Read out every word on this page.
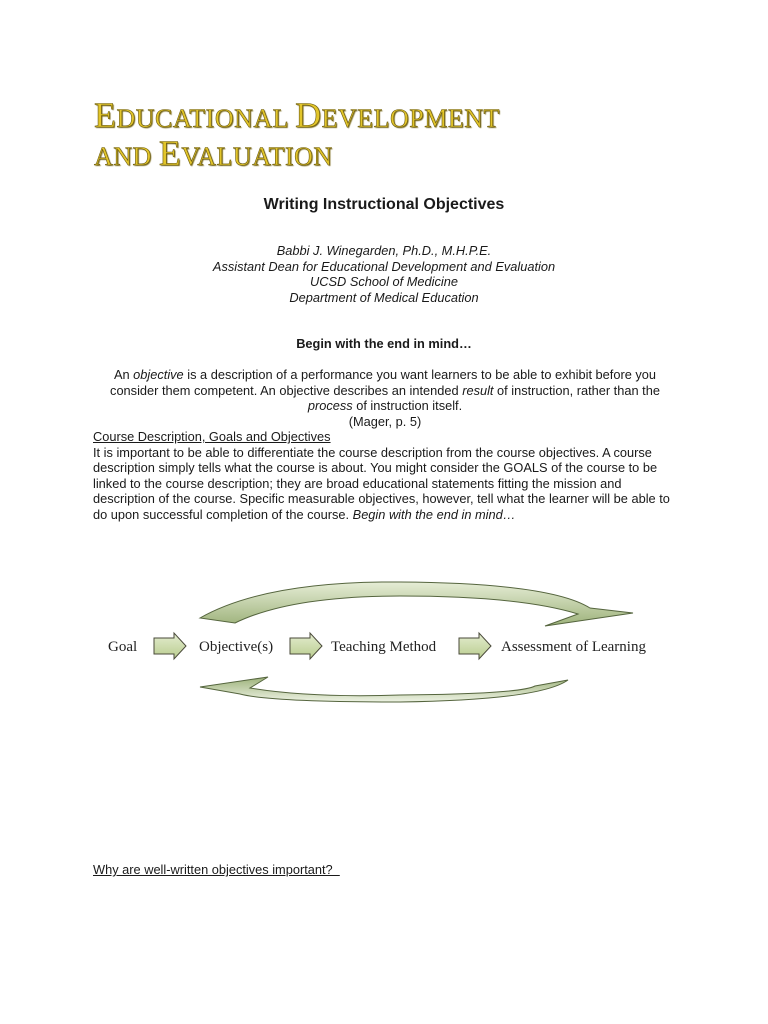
EDUCATIONAL DEVELOPMENT
AND EVALUATION
Writing Instructional Objectives
Babbi J. Winegarden, Ph.D., M.H.P.E.
Assistant Dean for Educational Development and Evaluation
UCSD School of Medicine
Department of Medical Education
Begin with the end in mind…
An objective is a description of a performance you want learners to be able to exhibit before you consider them competent. An objective describes an intended result of instruction, rather than the process of instruction itself.
(Mager, p. 5)
Course Description, Goals and Objectives
It is important to be able to differentiate the course description from the course objectives. A course description simply tells what the course is about. You might consider the GOALS of the course to be linked to the course description; they are broad educational statements fitting the mission and description of the course. Specific measurable objectives, however, tell what the learner will be able to do upon successful completion of the course. Begin with the end in mind…
Goal	Objective(s)	Teaching Method	Assessment of Learning
Why are well-written objectives important?
